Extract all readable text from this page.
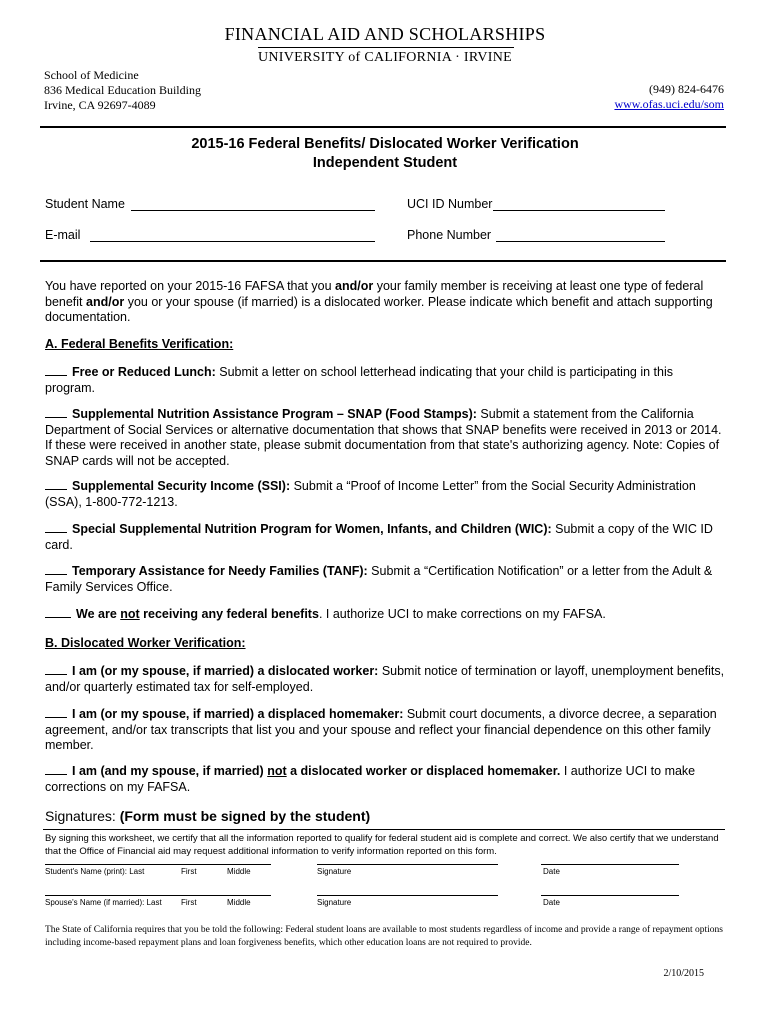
FINANCIAL AID AND SCHOLARSHIPS
UNIVERSITY of CALIFORNIA · IRVINE
School of Medicine
836 Medical Education Building
Irvine, CA 92697-4089
(949) 824-6476
www.ofas.uci.edu/som
2015-16 Federal Benefits/ Dislocated Worker Verification
Independent Student
Student Name	UCI ID Number
E-mail	Phone Number
You have reported on your 2015-16 FAFSA that you and/or your family member is receiving at least one type of federal benefit and/or you or your spouse (if married) is a dislocated worker. Please indicate which benefit and attach supporting documentation.
A. Federal Benefits Verification:
Free or Reduced Lunch: Submit a letter on school letterhead indicating that your child is participating in this program.
Supplemental Nutrition Assistance Program – SNAP (Food Stamps): Submit a statement from the California Department of Social Services or alternative documentation that shows that SNAP benefits were received in 2013 or 2014. If these were received in another state, please submit documentation from that state's authorizing agency. Note: Copies of SNAP cards will not be accepted.
Supplemental Security Income (SSI): Submit a “Proof of Income Letter” from the Social Security Administration (SSA), 1-800-772-1213.
Special Supplemental Nutrition Program for Women, Infants, and Children (WIC): Submit a copy of the WIC ID card.
Temporary Assistance for Needy Families (TANF): Submit a “Certification Notification” or a letter from the Adult & Family Services Office.
We are not receiving any federal benefits. I authorize UCI to make corrections on my FAFSA.
B. Dislocated Worker Verification:
I am (or my spouse, if married) a dislocated worker: Submit notice of termination or layoff, unemployment benefits, and/or quarterly estimated tax for self-employed.
I am (or my spouse, if married) a displaced homemaker: Submit court documents, a divorce decree, a separation agreement, and/or tax transcripts that list you and your spouse and reflect your financial dependence on this other family member.
I am (and my spouse, if married) not a dislocated worker or displaced homemaker. I authorize UCI to make corrections on my FAFSA.
Signatures: (Form must be signed by the student)
By signing this worksheet, we certify that all the information reported to qualify for federal student aid is complete and correct. We also certify that we understand that the Office of Financial aid may request additional information to verify information reported on this form.
Student's Name (print): Last	First	Middle	Signature	Date
Spouse's Name (if married): Last First	Middle	Signature	Date
The State of California requires that you be told the following: Federal student loans are available to most students regardless of income and provide a range of repayment options including income-based repayment plans and loan forgiveness benefits, which other education loans are not required to provide.
2/10/2015
